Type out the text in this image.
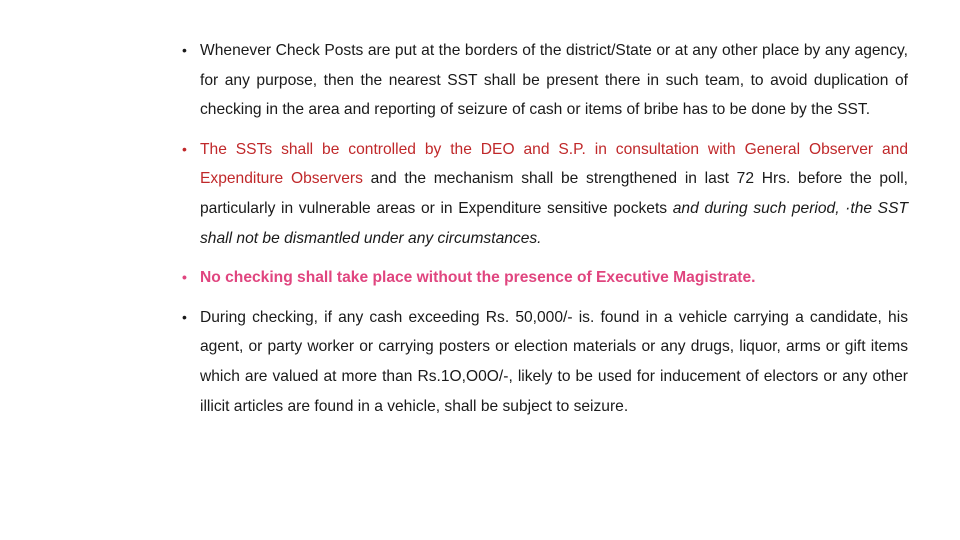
• Whenever Check Posts are put at the borders of the district/State or at any other place by any agency, for any purpose, then the nearest SST shall be present there in such team, to avoid duplication of checking in the area and reporting of seizure of cash or items of bribe has to be done by the SST.
• The SSTs shall be controlled by the DEO and S.P. in consultation with General Observer and Expenditure Observers and the mechanism shall be strengthened in last 72 Hrs. before the poll, particularly in vulnerable areas or in Expenditure sensitive pockets and during such period, ·the SST shall not be dismantled under any circumstances.
• No checking shall take place without the presence of Executive Magistrate.
• During checking, if any cash exceeding Rs. 50,000/- is. found in a vehicle carrying a candidate, his agent, or party worker or carrying posters or election materials or any drugs, liquor, arms or gift items which are valued at more than Rs.1O,O0O/-, likely to be used for inducement of electors or any other illicit articles are found in a vehicle, shall be subject to seizure.
